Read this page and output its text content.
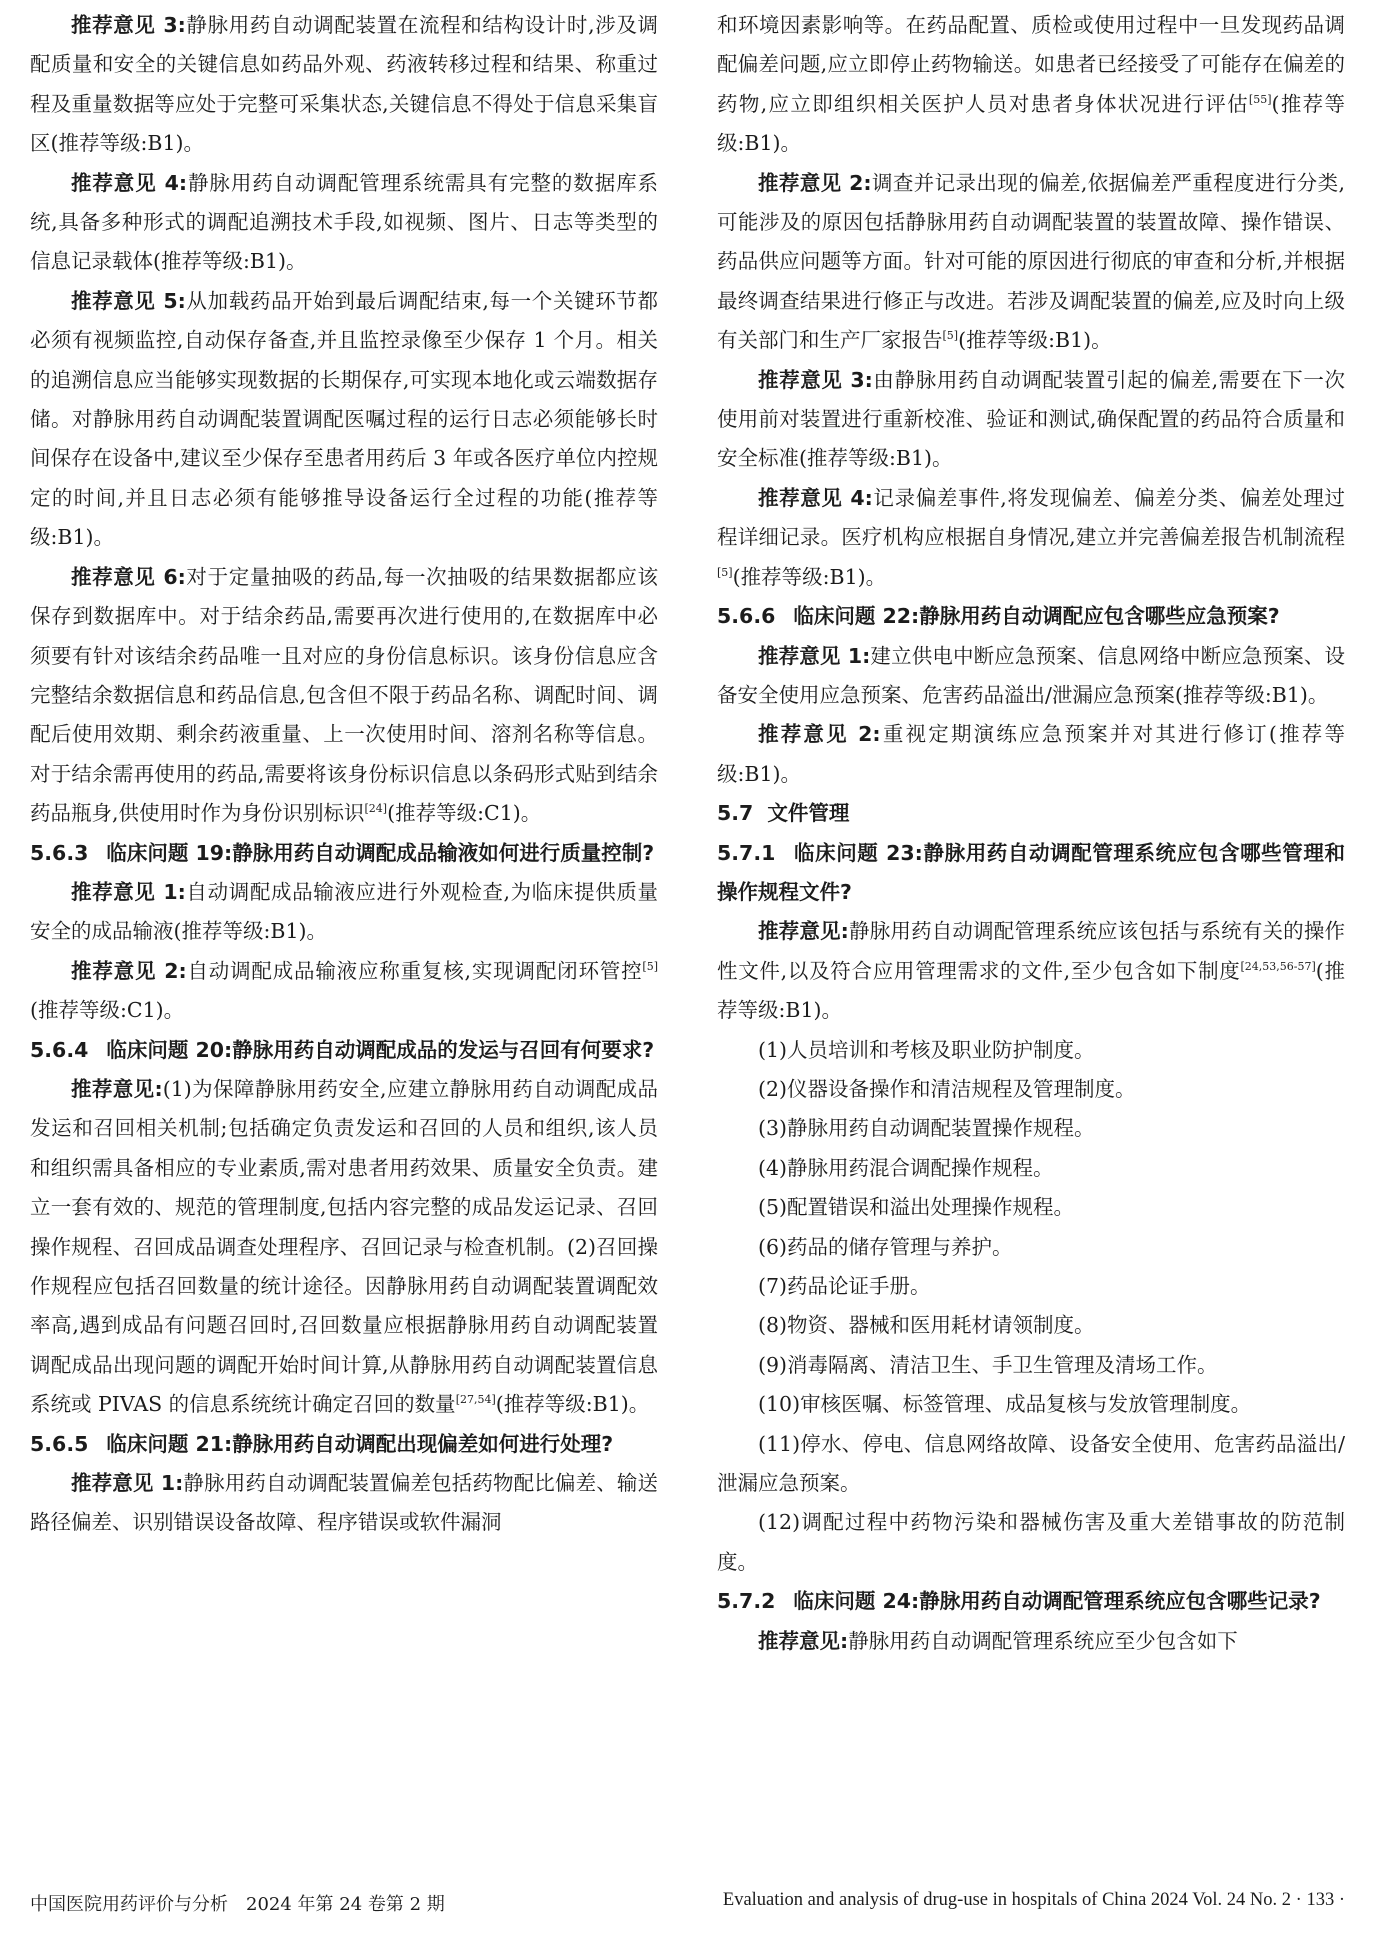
推荐意见 3:静脉用药自动调配装置在流程和结构设计时,涉及调配质量和安全的关键信息如药品外观、药液转移过程和结果、称重过程及重量数据等应处于完整可采集状态,关键信息不得处于信息采集盲区(推荐等级:B1)。

推荐意见 4:静脉用药自动调配管理系统需具有完整的数据库系统,具备多种形式的调配追溯技术手段,如视频、图片、日志等类型的信息记录载体(推荐等级:B1)。

推荐意见 5:从加载药品开始到最后调配结束,每一个关键环节都必须有视频监控,自动保存备查,并且监控录像至少保存 1 个月。相关的追溯信息应当能够实现数据的长期保存,可实现本地化或云端数据存储。对静脉用药自动调配装置调配医嘱过程的运行日志必须能够长时间保存在设备中,建议至少保存至患者用药后 3 年或各医疗单位内控规定的时间,并且日志必须有能够推导设备运行全过程的功能(推荐等级:B1)。

推荐意见 6:对于定量抽吸的药品,每一次抽吸的结果数据都应该保存到数据库中。对于结余药品,需要再次进行使用的,在数据库中必须要有针对该结余药品唯一且对应的身份信息标识。该身份信息应含完整结余数据信息和药品信息,包含但不限于药品名称、调配时间、调配后使用效期、剩余药液重量、上一次使用时间、溶剂名称等信息。对于结余需再使用的药品,需要将该身份标识信息以条码形式贴到结余药品瓶身,供使用时作为身份识别标识[24](推荐等级:C1)。

5.6.3 临床问题 19:静脉用药自动调配成品输液如何进行质量控制?

推荐意见 1:自动调配成品输液应进行外观检查,为临床提供质量安全的成品输液(推荐等级:B1)。

推荐意见 2:自动调配成品输液应称重复核,实现调配闭环管控[5](推荐等级:C1)。

5.6.4 临床问题 20:静脉用药自动调配成品的发运与召回有何要求?

推荐意见:(1)为保障静脉用药安全,应建立静脉用药自动调配成品发运和召回相关机制;包括确定负责发运和召回的人员和组织,该人员和组织需具备相应的专业素质,需对患者用药效果、质量安全负责。建立一套有效的、规范的管理制度,包括内容完整的成品发运记录、召回操作规程、召回成品调查处理程序、召回记录与检查机制。(2)召回操作规程应包括召回数量的统计途径。因静脉用药自动调配装置调配效率高,遇到成品有问题召回时,召回数量应根据静脉用药自动调配装置调配成品出现问题的调配开始时间计算,从静脉用药自动调配装置信息系统或 PIVAS 的信息系统统计确定召回的数量[27,54](推荐等级:B1)。

5.6.5 临床问题 21:静脉用药自动调配出现偏差如何进行处理?

推荐意见 1:静脉用药自动调配装置偏差包括药物配比偏差、输送路径偏差、识别错误设备故障、程序错误或软件漏洞

和环境因素影响等。在药品配置、质检或使用过程中一旦发现药品调配偏差问题,应立即停止药物输送。如患者已经接受了可能存在偏差的药物,应立即组织相关医护人员对患者身体状况进行评估[55](推荐等级:B1)。

推荐意见 2:调查并记录出现的偏差,依据偏差严重程度进行分类,可能涉及的原因包括静脉用药自动调配装置的装置故障、操作错误、药品供应问题等方面。针对可能的原因进行彻底的审查和分析,并根据最终调查结果进行修正与改进。若涉及调配装置的偏差,应及时向上级有关部门和生产厂家报告[5](推荐等级:B1)。

推荐意见 3:由静脉用药自动调配装置引起的偏差,需要在下一次使用前对装置进行重新校准、验证和测试,确保配置的药品符合质量和安全标准(推荐等级:B1)。

推荐意见 4:记录偏差事件,将发现偏差、偏差分类、偏差处理过程详细记录。医疗机构应根据自身情况,建立并完善偏差报告机制流程[5](推荐等级:B1)。

5.6.6 临床问题 22:静脉用药自动调配应包含哪些应急预案?

推荐意见 1:建立供电中断应急预案、信息网络中断应急预案、设备安全使用应急预案、危害药品溢出/泄漏应急预案(推荐等级:B1)。

推荐意见 2:重视定期演练应急预案并对其进行修订(推荐等级:B1)。

5.7 文件管理
5.7.1 临床问题 23:静脉用药自动调配管理系统应包含哪些管理和操作规程文件?

推荐意见:静脉用药自动调配管理系统应该包括与系统有关的操作性文件,以及符合应用管理需求的文件,至少包含如下制度[24,53,56-57](推荐等级:B1)。

(1)人员培训和考核及职业防护制度。

(2)仪器设备操作和清洁规程及管理制度。

(3)静脉用药自动调配装置操作规程。

(4)静脉用药混合调配操作规程。

(5)配置错误和溢出处理操作规程。

(6)药品的储存管理与养护。

(7)药品论证手册。

(8)物资、器械和医用耗材请领制度。

(9)消毒隔离、清洁卫生、手卫生管理及清场工作。

(10)审核医嘱、标签管理、成品复核与发放管理制度。

(11)停水、停电、信息网络故障、设备安全使用、危害药品溢出/泄漏应急预案。

(12)调配过程中药物污染和器械伤害及重大差错事故的防范制度。

5.7.2 临床问题 24:静脉用药自动调配管理系统应包含哪些记录?

推荐意见:静脉用药自动调配管理系统应至少包含如下

中国医院用药评价与分析　2024 年第 24 卷第 2 期	Evaluation and analysis of drug-use in hospitals of China 2024 Vol. 24 No. 2 · 133 ·
